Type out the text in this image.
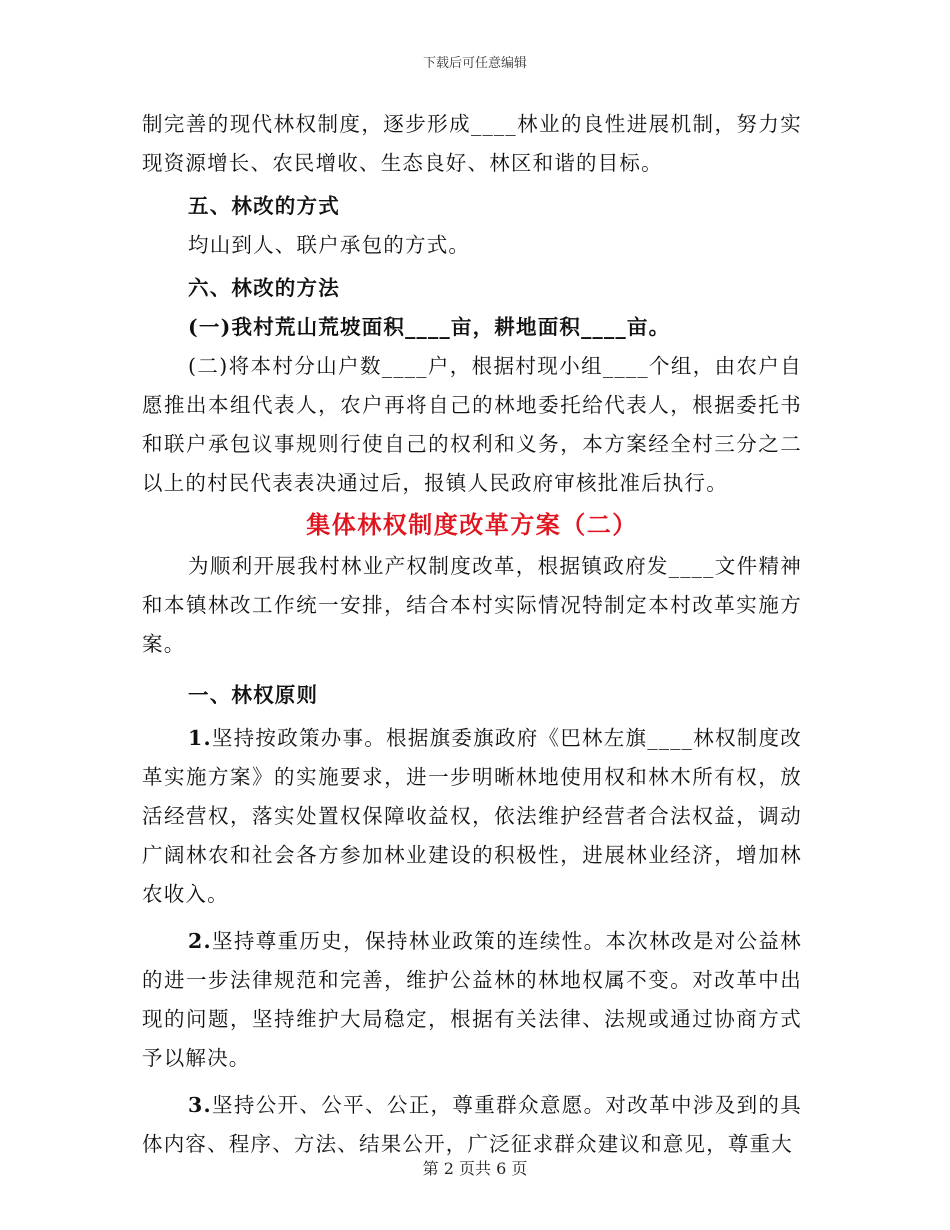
下载后可任意编辑

制完善的现代林权制度，逐步形成____林业的良性进展机制，努力实现资源增长、农民增收、生态良好、林区和谐的目标。

五、林改的方式

均山到人、联户承包的方式。

六、林改的方法

(一)我村荒山荒坡面积____亩，耕地面积____亩。

(二)将本村分山户数____户，根据村现小组____个组，由农户自愿推出本组代表人，农户再将自己的林地委托给代表人，根据委托书和联户承包议事规则行使自己的权利和义务，本方案经全村三分之二以上的村民代表表决通过后，报镇人民政府审核批准后执行。

集体林权制度改革方案（二）

为顺利开展我村林业产权制度改革，根据镇政府发____文件精神和本镇林改工作统一安排，结合本村实际情况特制定本村改革实施方案。

一、林权原则

1.坚持按政策办事。根据旗委旗政府《巴林左旗____林权制度改革实施方案》的实施要求，进一步明晰林地使用权和林木所有权，放活经营权，落实处置权保障收益权，依法维护经营者合法权益，调动广阔林农和社会各方参加林业建设的积极性，进展林业经济，增加林农收入。

2.坚持尊重历史，保持林业政策的连续性。本次林改是对公益林的进一步法律规范和完善，维护公益林的林地权属不变。对改革中出现的问题，坚持维护大局稳定，根据有关法律、法规或通过协商方式予以解决。

3.坚持公开、公平、公正，尊重群众意愿。对改革中涉及到的具体内容、程序、方法、结果公开，广泛征求群众建议和意见，尊重大

第 2 页共 6 页
